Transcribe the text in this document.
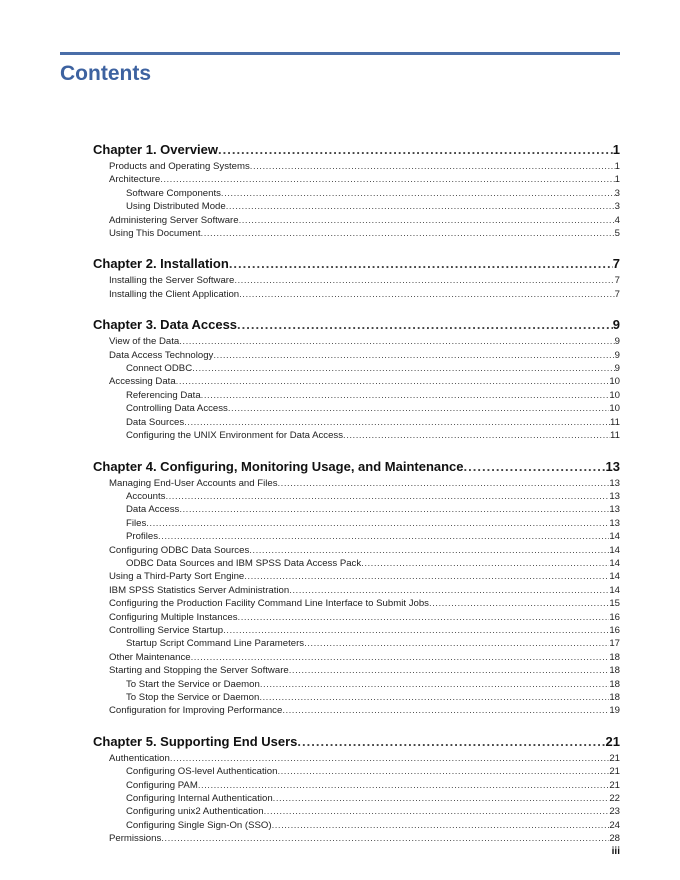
Contents
Chapter 1. Overview .....	1
Products and Operating Systems .....	1
Architecture .....	1
Software Components .....	3
Using Distributed Mode .....	3
Administering Server Software .....	4
Using This Document .....	5
Chapter 2. Installation .....	7
Installing the Server Software .....	7
Installing the Client Application .....	7
Chapter 3. Data Access .....	9
View of the Data .....	9
Data Access Technology .....	9
Connect ODBC .....	9
Accessing Data .....	10
Referencing Data .....	10
Controlling Data Access .....	10
Data Sources .....	11
Configuring the UNIX Environment for Data Access .....	11
Chapter 4. Configuring, Monitoring Usage, and Maintenance .....	13
Managing End-User Accounts and Files .....	13
Accounts .....	13
Data Access .....	13
Files .....	13
Profiles .....	14
Configuring ODBC Data Sources .....	14
ODBC Data Sources and IBM SPSS Data Access Pack .....	14
Using a Third-Party Sort Engine .....	14
IBM SPSS Statistics Server Administration .....	14
Configuring the Production Facility Command Line Interface to Submit Jobs .....	15
Configuring Multiple Instances .....	16
Controlling Service Startup .....	16
Startup Script Command Line Parameters .....	17
Other Maintenance .....	18
Starting and Stopping the Server Software .....	18
To Start the Service or Daemon .....	18
To Stop the Service or Daemon .....	18
Configuration for Improving Performance .....	19
Chapter 5. Supporting End Users .....	21
Authentication .....	21
Configuring OS-level Authentication .....	21
Configuring PAM .....	21
Configuring Internal Authentication .....	22
Configuring unix2 Authentication .....	23
Configuring Single Sign-On (SSO) .....	24
Permissions .....	28
iii
